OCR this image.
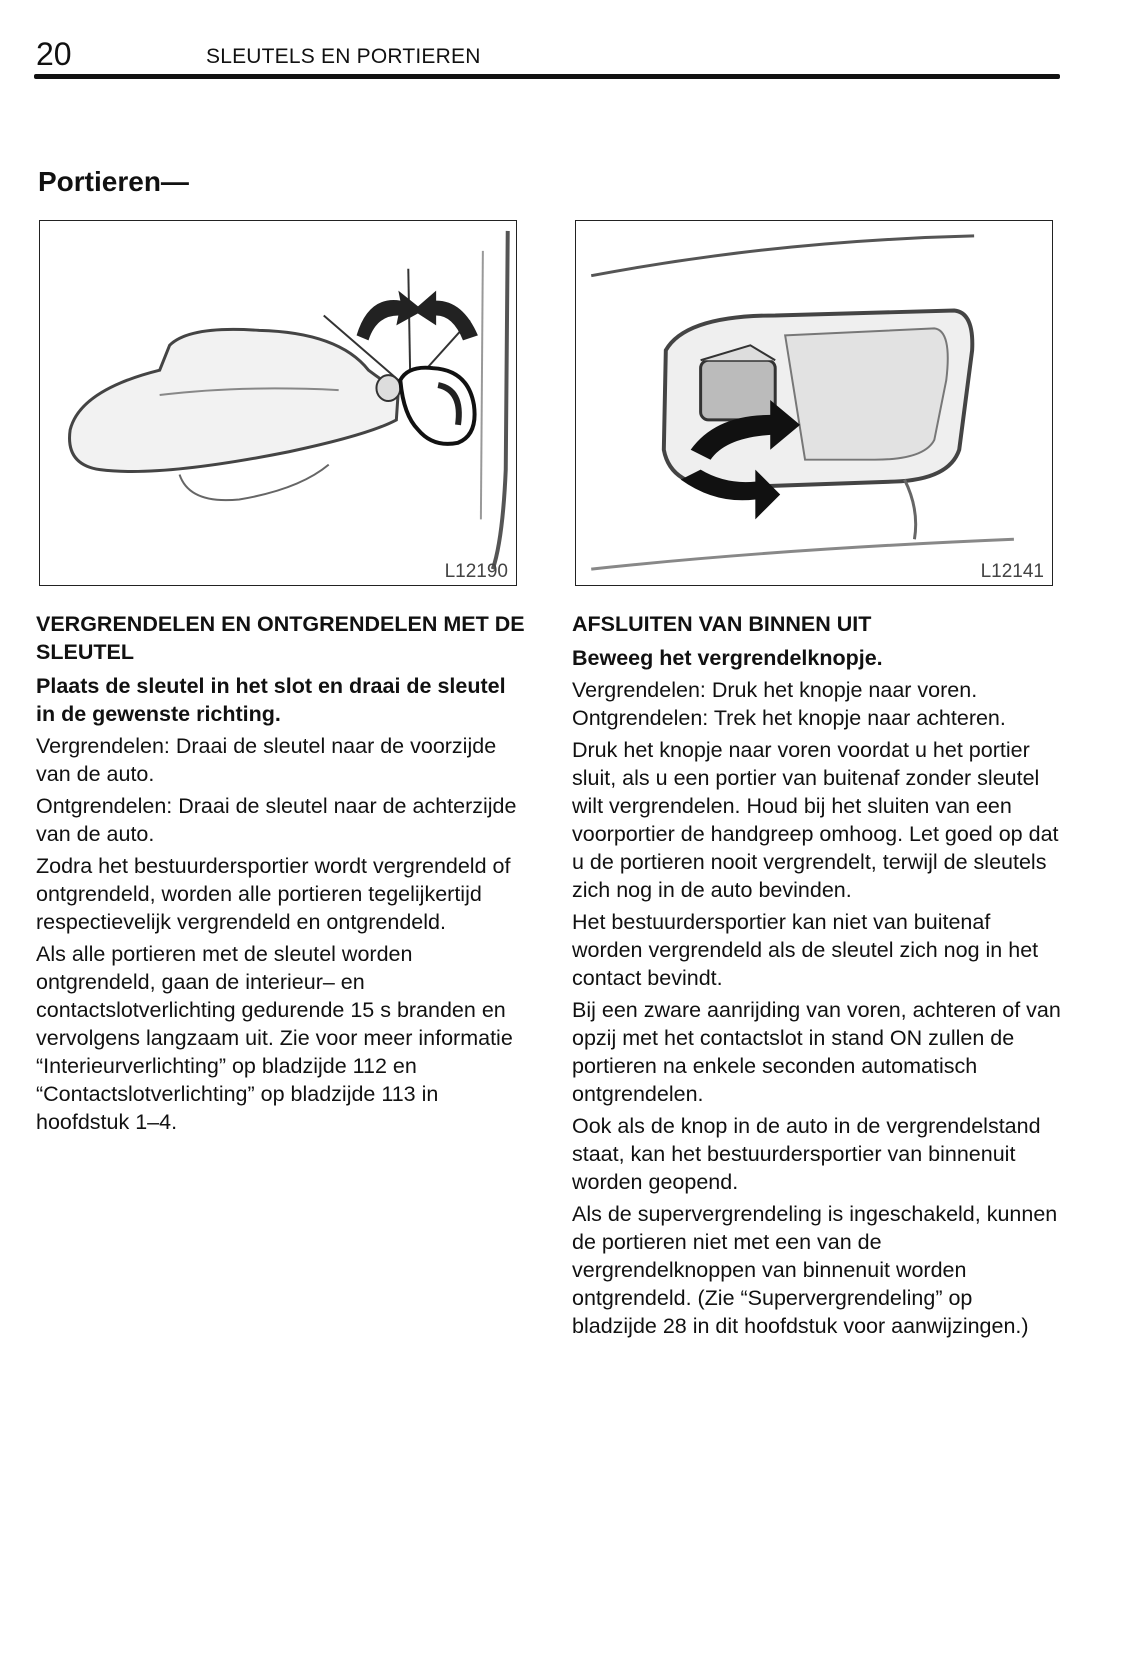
20	SLEUTELS EN PORTIEREN
Portieren—
L12190	L12141

VERGRENDELEN EN ONTGRENDELEN MET DE SLEUTEL

Plaats de sleutel in het slot en draai de sleutel in de gewenste richting.

Vergrendelen: Draai de sleutel naar de voorzijde van de auto.

Ontgrendelen: Draai de sleutel naar de achterzijde van de auto.

Zodra het bestuurdersportier wordt vergrendeld of ontgrendeld, worden alle portieren tegelijkertijd respectievelijk vergrendeld en ontgrendeld.

Als alle portieren met de sleutel worden ontgrendeld, gaan de interieur– en contactslotverlichting gedurende 15 s branden en vervolgens langzaam uit. Zie voor meer informatie “Interieurverlichting” op bladzijde 112 en “Contactslotverlichting” op bladzijde 113 in hoofdstuk 1–4.

AFSLUITEN VAN BINNEN UIT

Beweeg het vergrendelknopje.

Vergrendelen: Druk het knopje naar voren.

Ontgrendelen: Trek het knopje naar achteren.

Druk het knopje naar voren voordat u het portier sluit, als u een portier van buitenaf zonder sleutel wilt vergrendelen. Houd bij het sluiten van een voorportier de handgreep omhoog. Let goed op dat u de portieren nooit vergrendelt, terwijl de sleutels zich nog in de auto bevinden.

Het bestuurdersportier kan niet van buitenaf worden vergrendeld als de sleutel zich nog in het contact bevindt.

Bij een zware aanrijding van voren, achteren of van opzij met het contactslot in stand ON zullen de portieren na enkele seconden automatisch ontgrendelen.

Ook als de knop in de auto in de vergrendelstand staat, kan het bestuurdersportier van binnenuit worden geopend.

Als de supervergrendeling is ingeschakeld, kunnen de portieren niet met een van de vergrendelknoppen van binnenuit worden ontgrendeld. (Zie “Supervergrendeling” op bladzijde 28 in dit hoofdstuk voor aanwijzingen.)
